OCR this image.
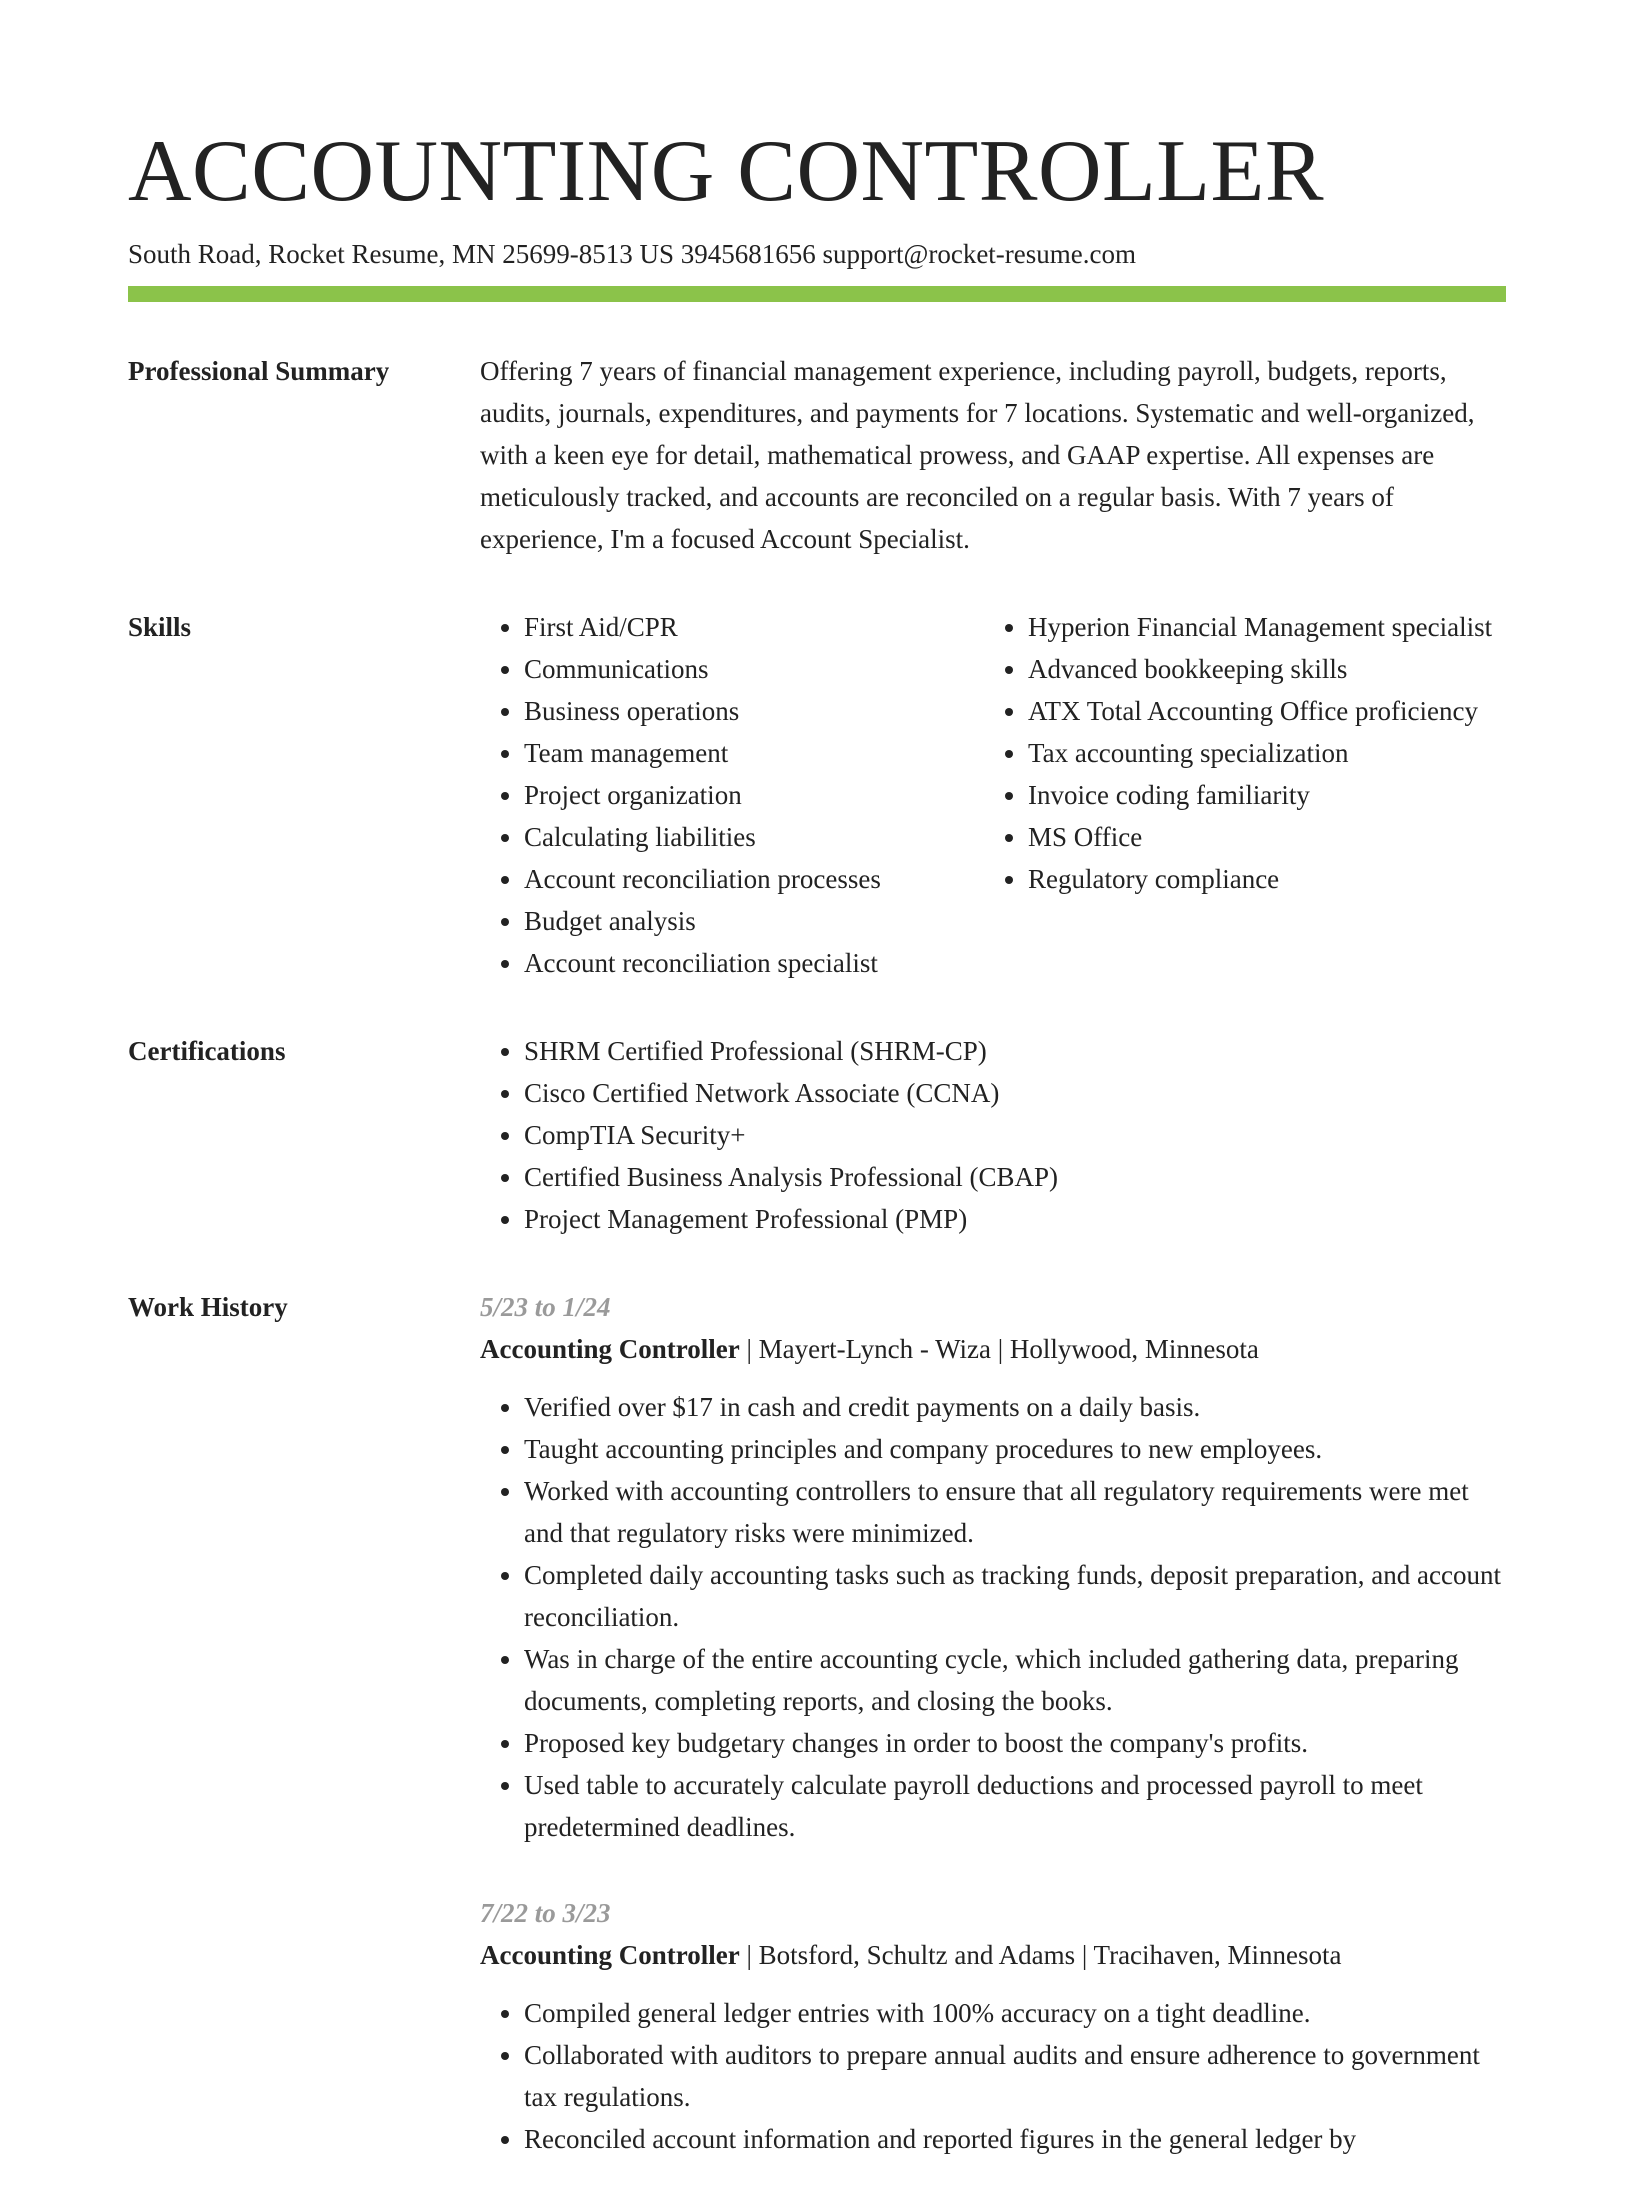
ACCOUNTING CONTROLLER
South Road, Rocket Resume, MN 25699-8513 US 3945681656 support@rocket-resume.com
Professional Summary	Offering 7 years of financial management experience, including payroll, budgets, reports, audits, journals, expenditures, and payments for 7 locations. Systematic and well-organized, with a keen eye for detail, mathematical prowess, and GAAP expertise. All expenses are meticulously tracked, and accounts are reconciled on a regular basis. With 7 years of experience, I'm a focused Account Specialist.

Skills	• First Aid/CPR
• Communications
• Business operations
• Team management
• Project organization
• Calculating liabilities
• Account reconciliation processes
• Budget analysis
• Account reconciliation specialist
• Hyperion Financial Management specialist
• Advanced bookkeeping skills
• ATX Total Accounting Office proficiency
• Tax accounting specialization
• Invoice coding familiarity
• MS Office
• Regulatory compliance
Certifications	• SHRM Certified Professional (SHRM-CP)
• Cisco Certified Network Associate (CCNA)
• CompTIA Security+
• Certified Business Analysis Professional (CBAP)
• Project Management Professional (PMP)
Work History	5/23 to 1/24
Accounting Controller | Mayert-Lynch - Wiza | Hollywood, Minnesota
• Verified over $17 in cash and credit payments on a daily basis.
• Taught accounting principles and company procedures to new employees.
• Worked with accounting controllers to ensure that all regulatory requirements were met and that regulatory risks were minimized.
• Completed daily accounting tasks such as tracking funds, deposit preparation, and account reconciliation.
• Was in charge of the entire accounting cycle, which included gathering data, preparing documents, completing reports, and closing the books.
• Proposed key budgetary changes in order to boost the company's profits.
• Used table to accurately calculate payroll deductions and processed payroll to meet predetermined deadlines.
7/22 to 3/23
Accounting Controller | Botsford, Schultz and Adams | Tracihaven, Minnesota
• Compiled general ledger entries with 100% accuracy on a tight deadline.
• Collaborated with auditors to prepare annual audits and ensure adherence to government tax regulations.
• Reconciled account information and reported figures in the general ledger by
